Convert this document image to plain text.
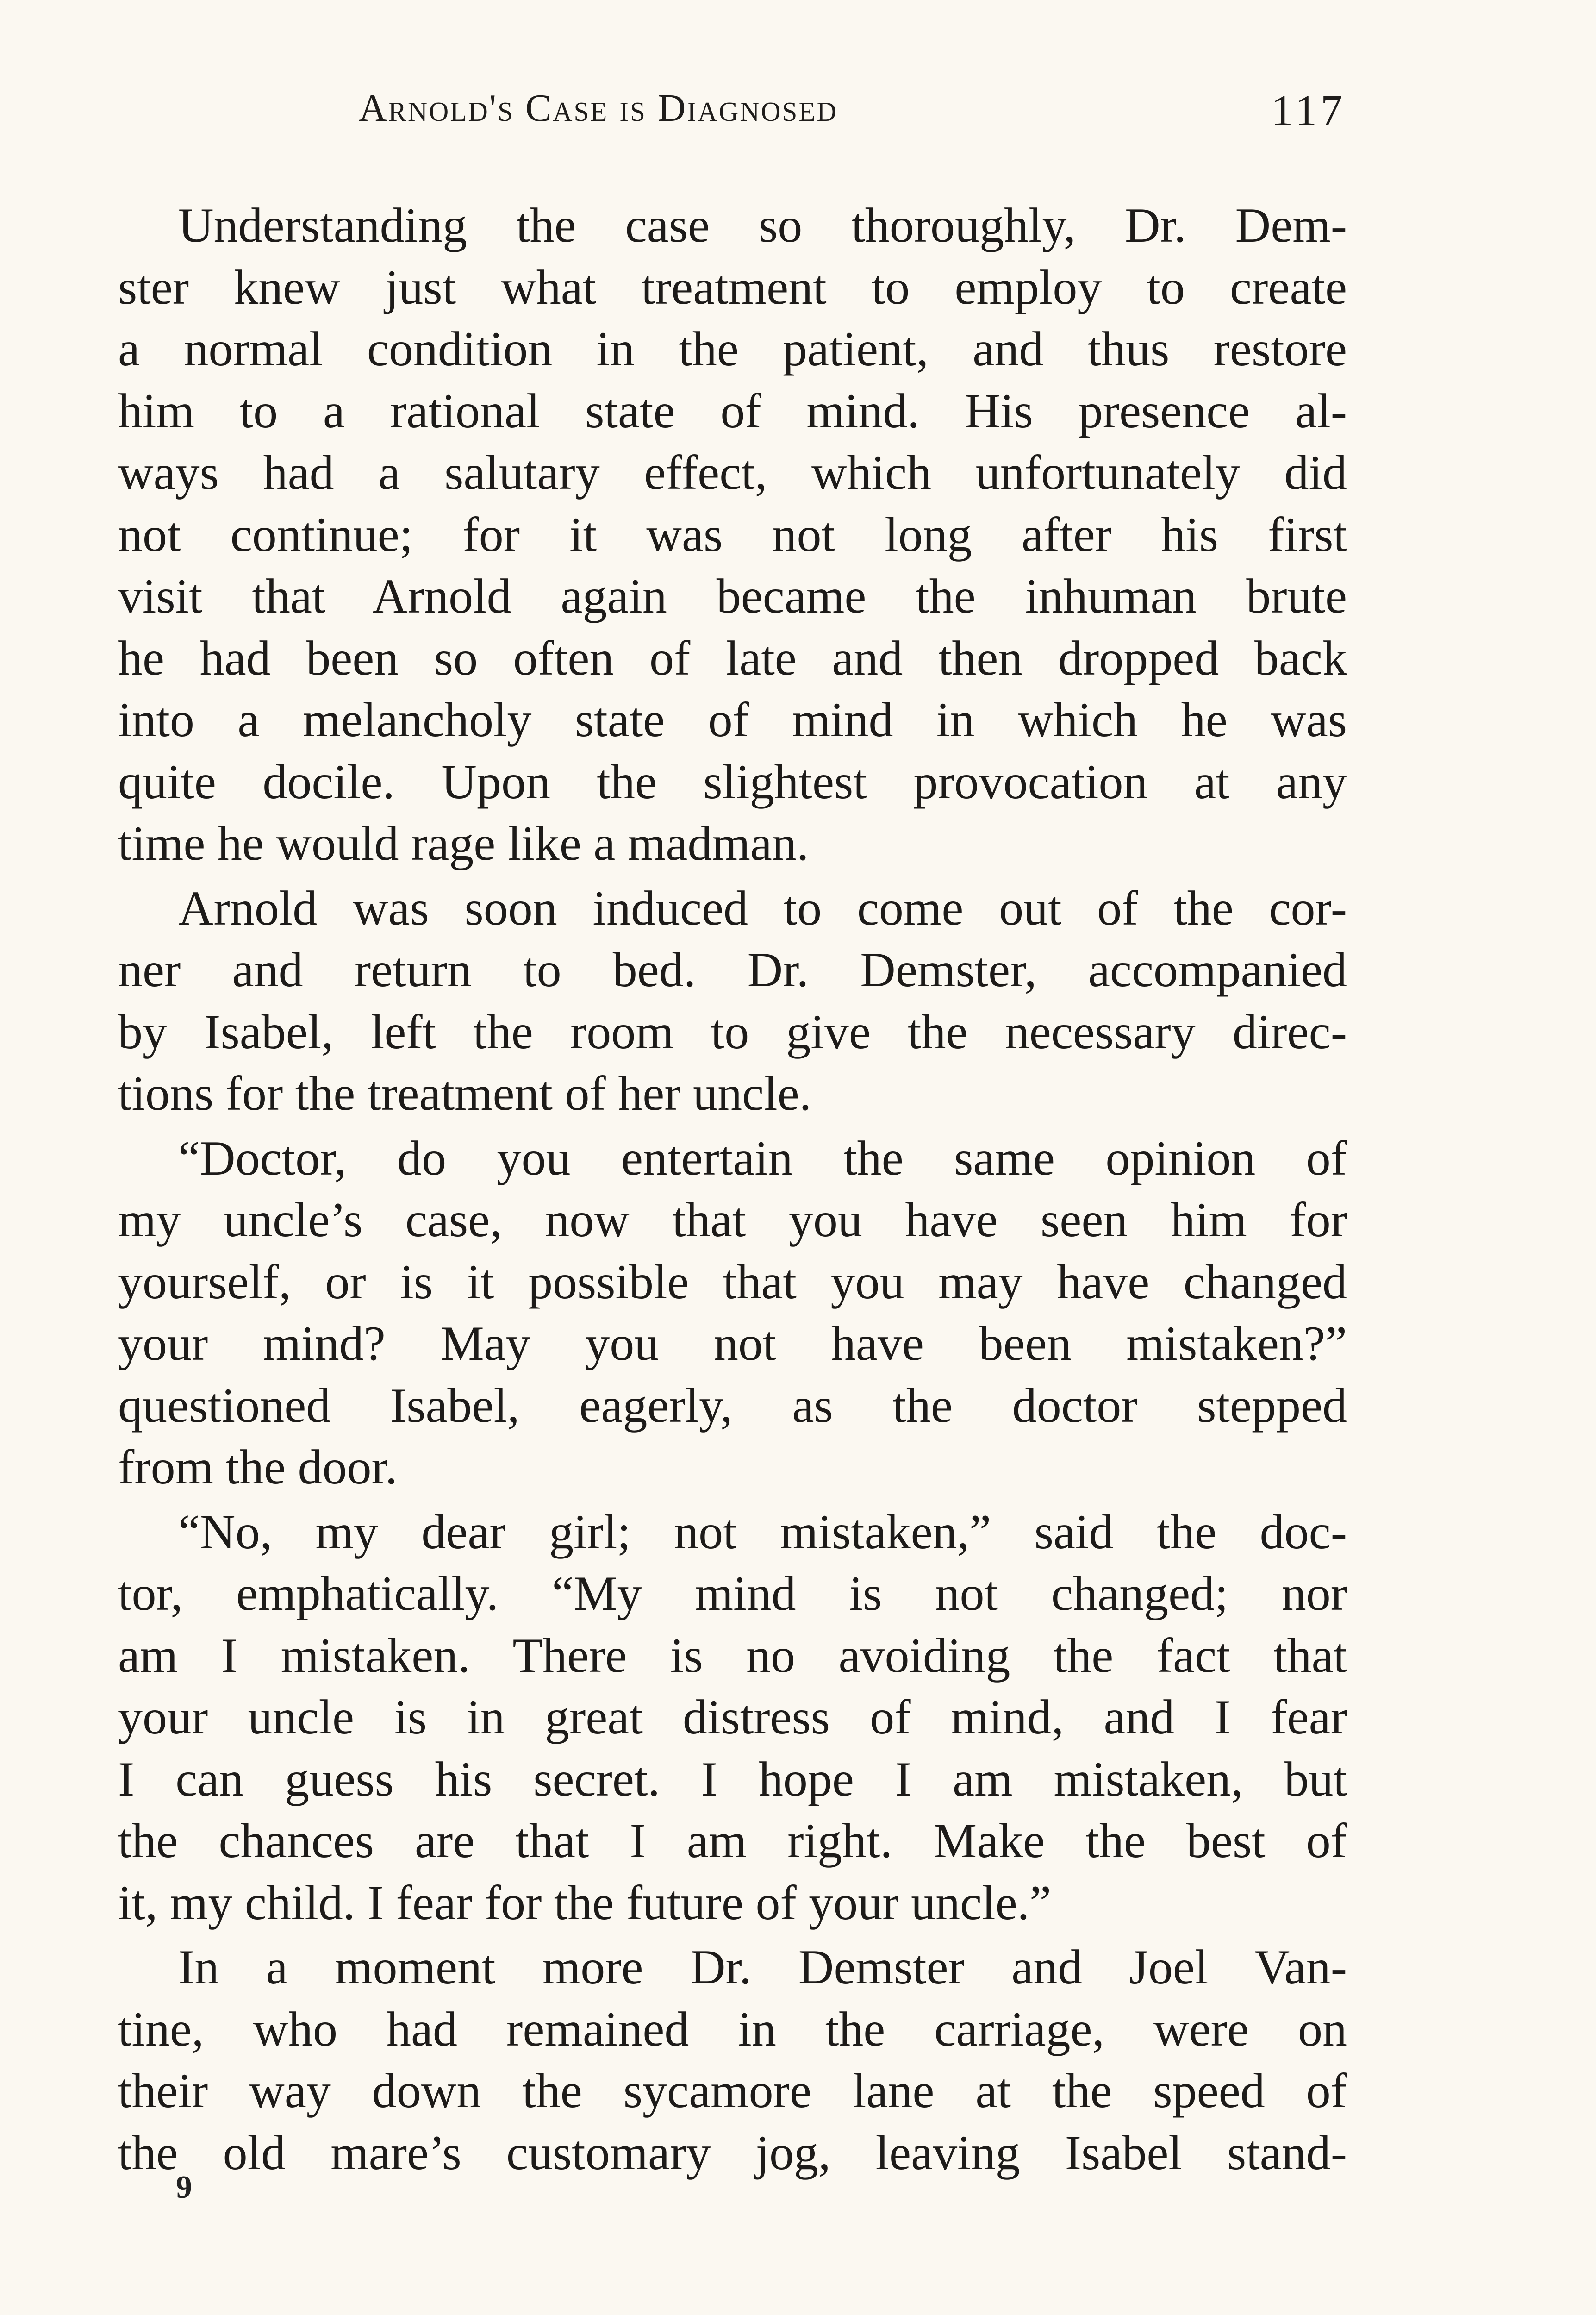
Arnold's Case is Diagnosed	117
Understanding the case so thoroughly, Dr. Dem-
ster knew just what treatment to employ to create
a normal condition in the patient, and thus restore
him to a rational state of mind. His presence al-
ways had a salutary effect, which unfortunately did
not continue; for it was not long after his first
visit that Arnold again became the inhuman brute
he had been so often of late and then dropped back
into a melancholy state of mind in which he was
quite docile. Upon the slightest provocation at any
time he would rage like a madman.
Arnold was soon induced to come out of the cor-
ner and return to bed. Dr. Demster, accompanied
by Isabel, left the room to give the necessary direc-
tions for the treatment of her uncle.
“Doctor, do you entertain the same opinion of
my uncle’s case, now that you have seen him for
yourself, or is it possible that you may have changed
your mind? May you not have been mistaken?”
questioned Isabel, eagerly, as the doctor stepped
from the door.
“No, my dear girl; not mistaken,” said the doc-
tor, emphatically. “My mind is not changed; nor
am I mistaken. There is no avoiding the fact that
your uncle is in great distress of mind, and I fear
I can guess his secret. I hope I am mistaken, but
the chances are that I am right. Make the best of
it, my child. I fear for the future of your uncle.”
In a moment more Dr. Demster and Joel Van-
tine, who had remained in the carriage, were on
their way down the sycamore lane at the speed of
the old mare’s customary jog, leaving Isabel stand-
9
